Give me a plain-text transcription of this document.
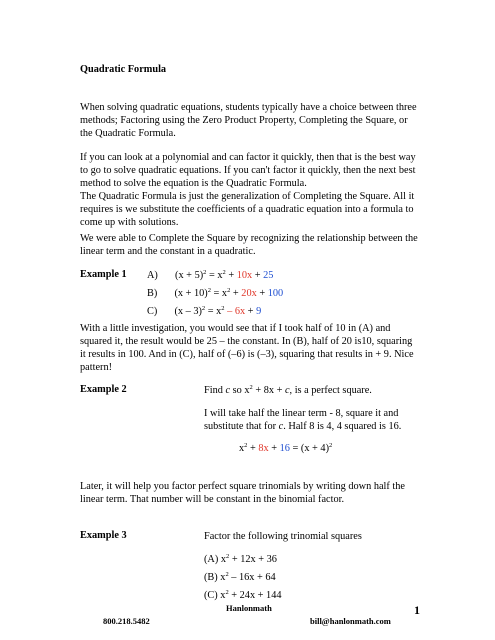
Quadratic Formula
When solving quadratic equations, students typically have a choice between three methods; Factoring using the Zero Product Property, Completing the Square, or the Quadratic Formula.
If you can look at a polynomial and can factor it quickly, then that is the best way to go to solve quadratic equations. If you can't factor it quickly, then the next best method to solve the equation is the Quadratic Formula.
The Quadratic Formula is just the generalization of Completing the Square. All it requires is we substitute the coefficients of a quadratic equation into a formula to come up with solutions.
We were able to Complete the Square by recognizing the relationship between the linear term and the constant in a quadratic.
Example 1 A) $(x + 5)^2 = x^2 + 10x + 25$
B) $(x + 10)^2 = x^2 + 20x + 100$
C) $(x - 3)^2 = x^2 - 6x + 9$
With a little investigation, you would see that if I took half of 10 in (A) and squared it, the result would be 25 – the constant. In (B), half of 20 is10, squaring it results in 100. And in (C), half of (–6) is (–3), squaring that results in + 9. Nice pattern!
Example 2	Find c so $x^2 + 8x + c$, is a perfect square.
I will take half the linear term - 8, square it and substitute that for c. Half 8 is 4, 4 squared is 16.
$x^2 + 8x + 16 = (x + 4)^2$
Later, it will help you factor perfect square trinomials by writing down half the linear term. That number will be constant in the binomial factor.
Example 3	Factor the following trinomial squares
(A) $x^2 + 12x + 36$
(B) $x^2 - 16x + 64$
(C) $x^2 + 24x + 144$
Hanlonmath	1
800.218.5482	bill@hanlonmath.com
